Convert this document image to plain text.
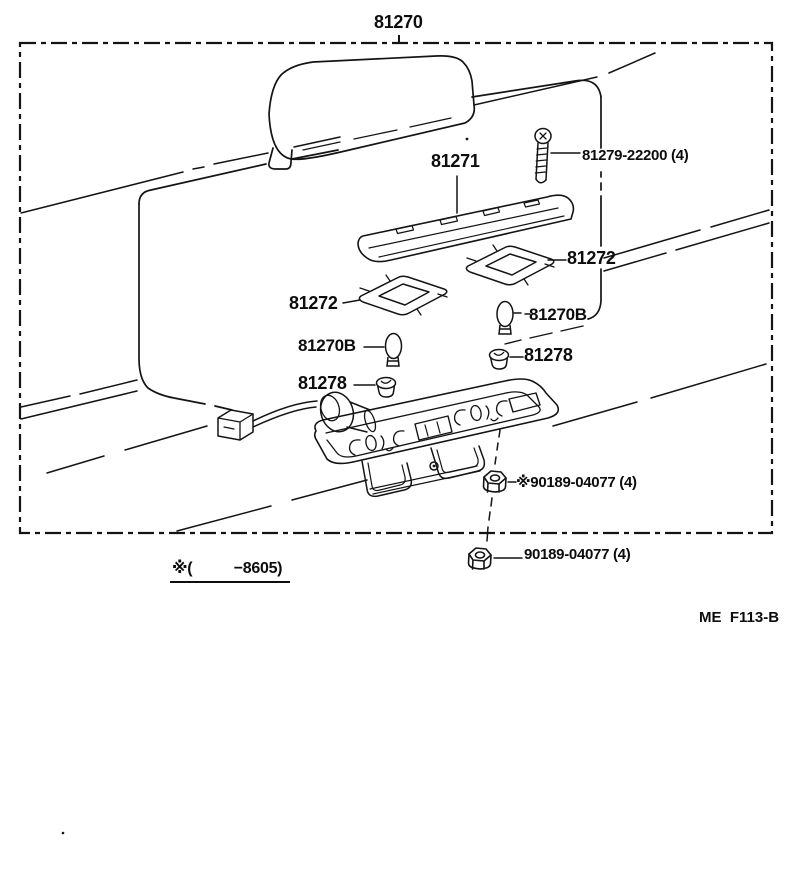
81270
81271	81279-22200 (4)
81272
81272
81270B
81270B	81278
81278
※90189-04077 (4)
90189-04077 (4)
※(          −8605)
ME  F113-B
